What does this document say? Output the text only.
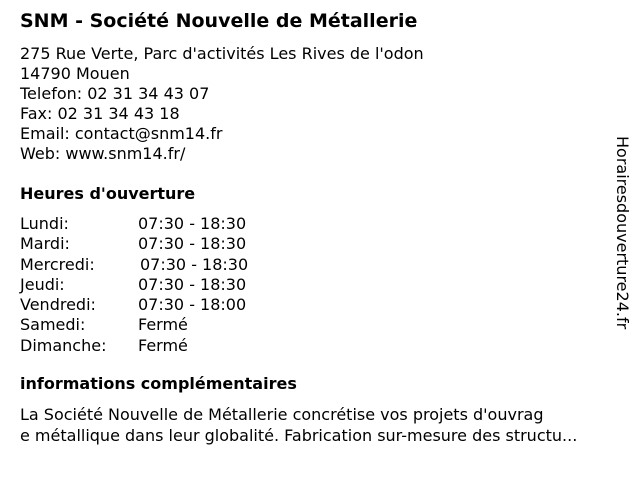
SNM - Société Nouvelle de Métallerie
275 Rue Verte, Parc d'activités Les Rives de l'odon
14790 Mouen
Telefon: 02 31 34 43 07
Fax: 02 31 34 43 18
Email: contact@snm14.fr
Web: www.snm14.fr/
Heures d'ouverture
Lundi:	07:30 - 18:30
Mardi:	07:30 - 18:30
Mercredi:	07:30 - 18:30
Jeudi:	07:30 - 18:30
Vendredi:	07:30 - 18:00
Samedi:	Fermé
Dimanche: Fermé
informations complémentaires
La Société Nouvelle de Métallerie concrétise vos projets d'ouvrag
e métallique dans leur globalité. Fabrication sur-mesure des structu...
Horairesdouverture24.fr
